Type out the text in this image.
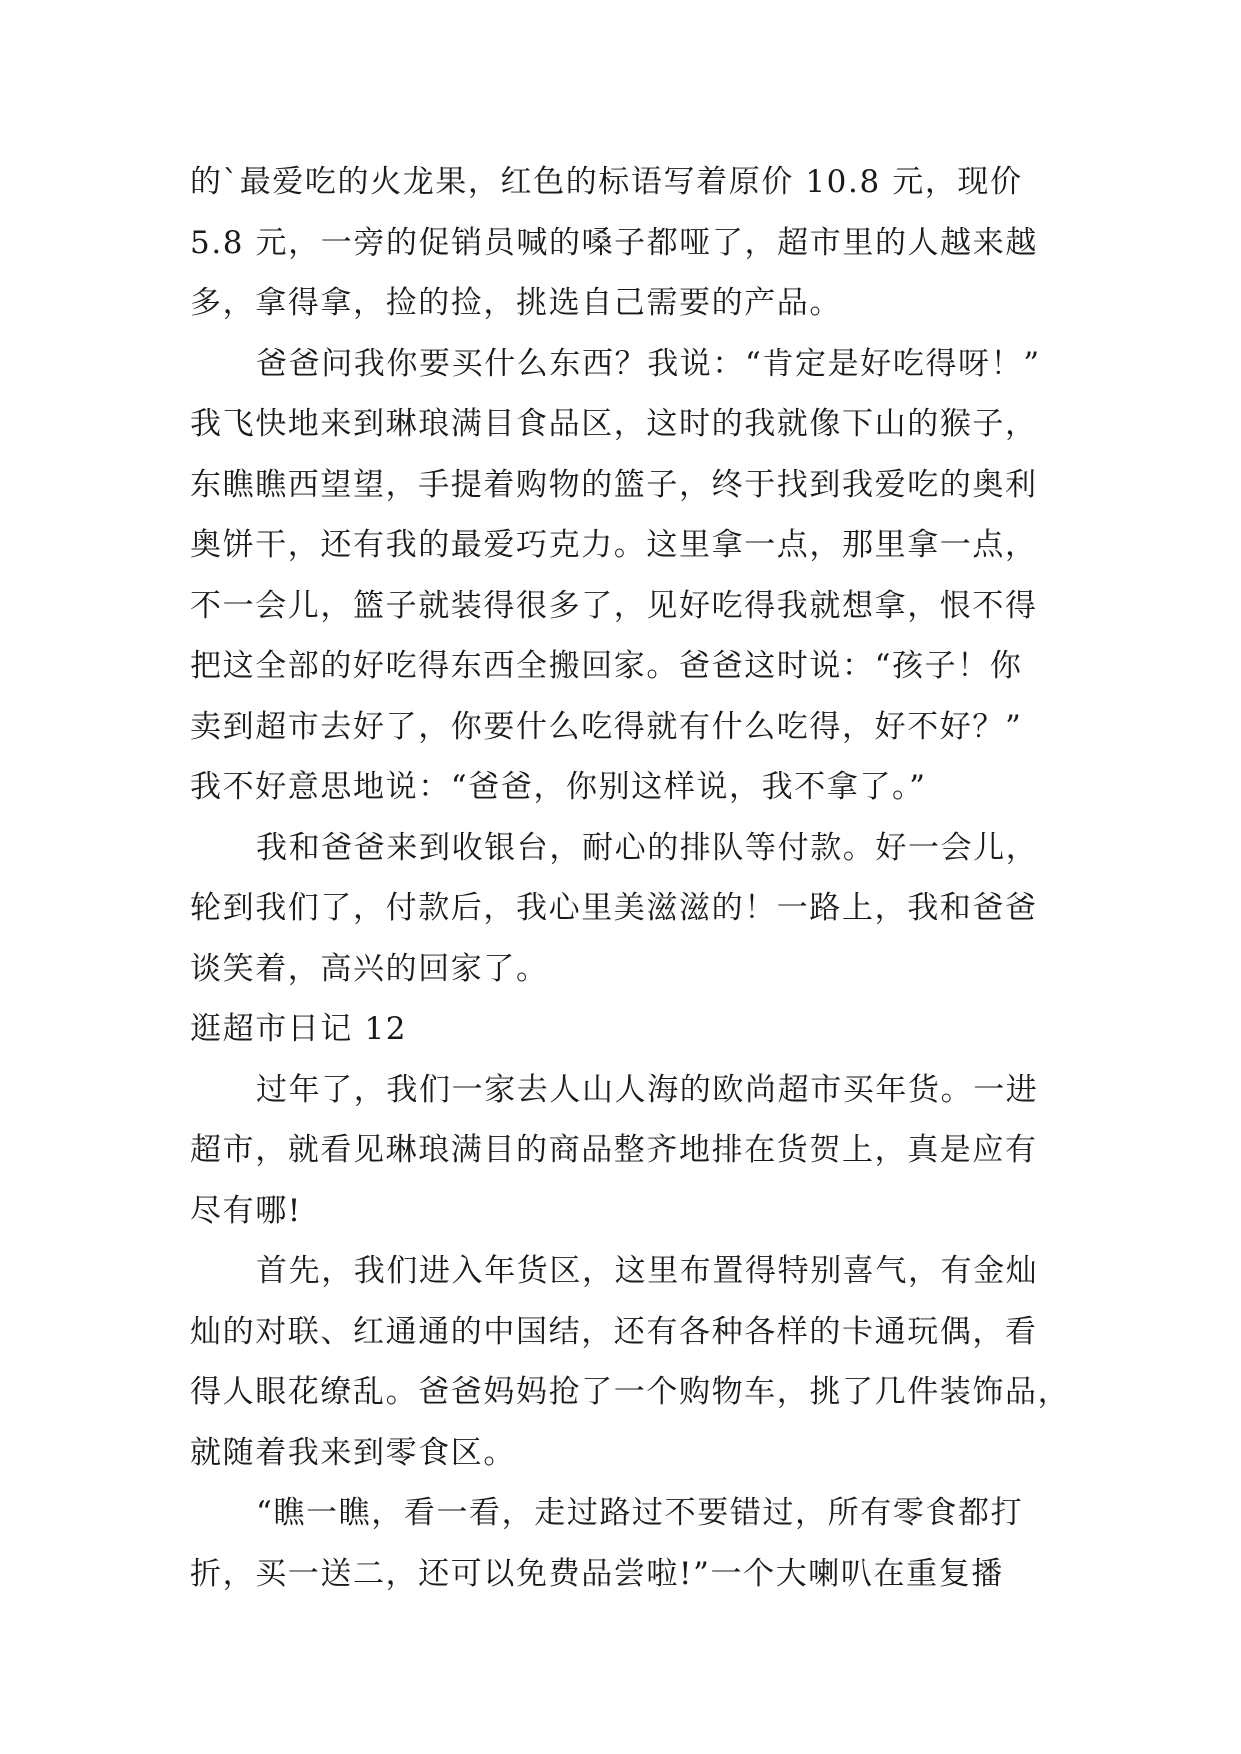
的`最爱吃的火龙果，红色的标语写着原价 10.8 元，现价
5.8 元，一旁的促销员喊的嗓子都哑了，超市里的人越来越
多，拿得拿，捡的捡，挑选自己需要的产品。
爸爸问我你要买什么东西？我说：“肯定是好吃得呀！”
我飞快地来到琳琅满目食品区，这时的我就像下山的猴子，
东瞧瞧西望望，手提着购物的篮子，终于找到我爱吃的奥利
奥饼干，还有我的最爱巧克力。这里拿一点，那里拿一点，
不一会儿，篮子就装得很多了，见好吃得我就想拿，恨不得
把这全部的好吃得东西全搬回家。爸爸这时说：“孩子！你
卖到超市去好了，你要什么吃得就有什么吃得，好不好？”
我不好意思地说：“爸爸，你别这样说，我不拿了。”
我和爸爸来到收银台，耐心的排队等付款。好一会儿，
轮到我们了，付款后，我心里美滋滋的！一路上，我和爸爸
谈笑着，高兴的回家了。
逛超市日记 12
过年了，我们一家去人山人海的欧尚超市买年货。一进
超市，就看见琳琅满目的商品整齐地排在货贺上，真是应有
尽有哪!
首先，我们进入年货区，这里布置得特别喜气，有金灿
灿的对联、红通通的中国结，还有各种各样的卡通玩偶，看
得人眼花缭乱。爸爸妈妈抢了一个购物车，挑了几件装饰品，
就随着我来到零食区。
“瞧一瞧，看一看，走过路过不要错过，所有零食都打
折，买一送二，还可以免费品尝啦!”一个大喇叭在重复播
